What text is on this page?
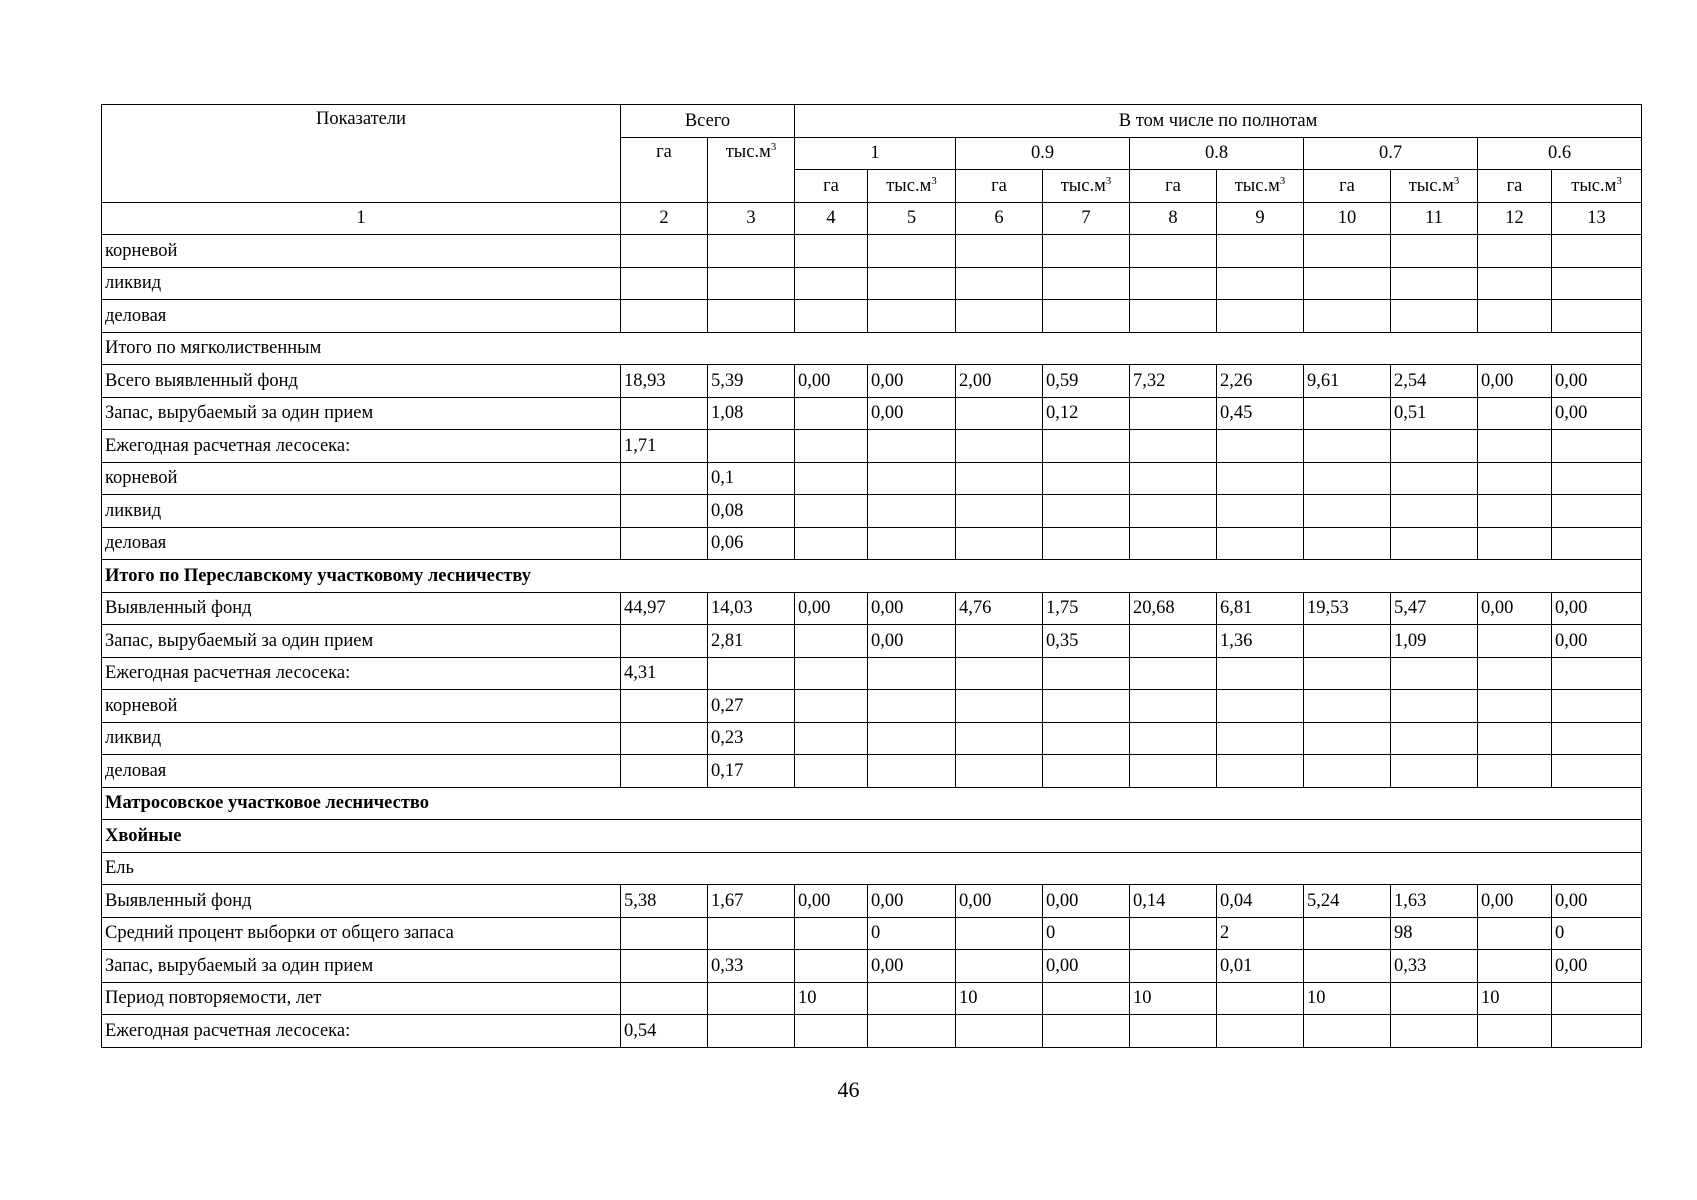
Показатели	Всего		В том числе по полнотам									
	га	$тыс.м^3$	1		0.9		0.8		0.7		0.6	
			га	$тыс.м^3$	га	$тыс.м^3$	га	$тыс.м^3$	га	$тыс.м^3$	га	$тыс.м^3$
1	2	3	4	5	6	7	8	9	10	11	12	13
корневой												
ликвид												
деловая												
Итого по мягколиственным												
Всего выявленный фонд	18,93	5,39	0,00	0,00	2,00	0,59	7,32	2,26	9,61	2,54	0,00	0,00
Запас, вырубаемый за один прием		1,08		0,00		0,12		0,45		0,51		0,00
Ежегодная расчетная лесосека:	1,71											
корневой		0,1										
ликвид		0,08										
деловая		0,06										
Итого по Переславскому участковому лесничеству												
Выявленный фонд	44,97	14,03	0,00	0,00	4,76	1,75	20,68	6,81	19,53	5,47	0,00	0,00
Запас, вырубаемый за один прием		2,81		0,00		0,35		1,36		1,09		0,00
Ежегодная расчетная лесосека:	4,31											
корневой		0,27										
ликвид		0,23										
деловая		0,17										
Матросовское участковое лесничество												
Хвойные												
Ель												
Выявленный фонд	5,38	1,67	0,00	0,00	0,00	0,00	0,14	0,04	5,24	1,63	0,00	0,00
Средний процент выборки от общего запаса				0		0		2		98		0
Запас, вырубаемый за один прием		0,33		0,00		0,00		0,01		0,33		0,00
Период повторяемости, лет			10		10		10		10		10	
Ежегодная расчетная лесосека:	0,54											
46
